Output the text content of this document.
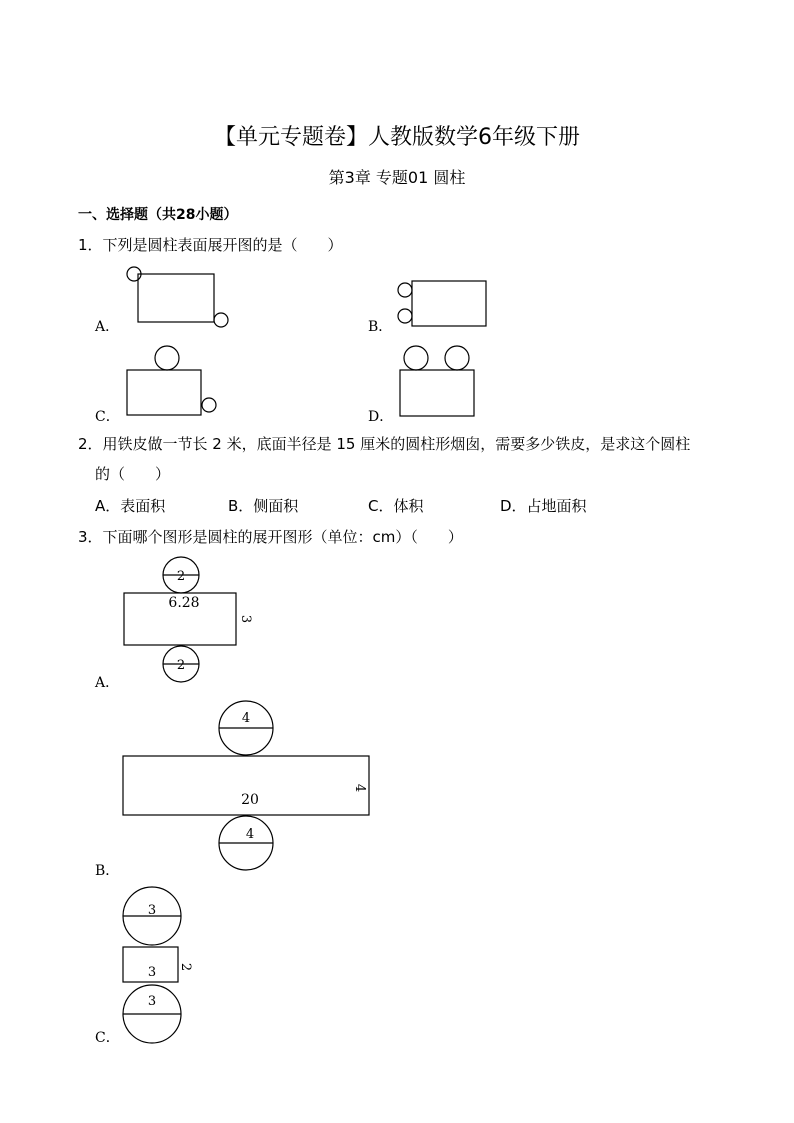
【单元专题卷】人教版数学6年级下册
第3章 专题01 圆柱
一、选择题（共28小题）
1．下列是圆柱表面展开图的是（　　）
A．	B．
C．	D．
2．用铁皮做一节长 2 米，底面半径是 15 厘米的圆柱形烟囱，需要多少铁皮，是求这个圆柱
的（　　）
A．表面积	B．侧面积	C．体积	D．占地面积
3．下面哪个图形是圆柱的展开图形（单位：cm）（　　）
2
6.28
3
2
A．
4
20
4
4
B．
3
3 2
3
C．
